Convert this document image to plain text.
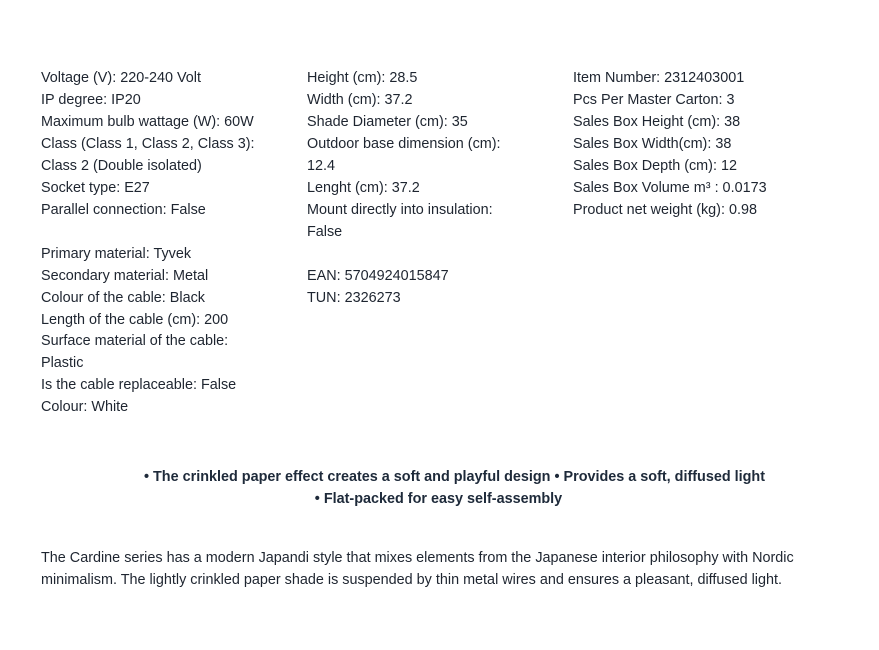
Voltage (V): 220-240 Volt
IP degree: IP20
Maximum bulb wattage (W): 60W
Class (Class 1, Class 2, Class 3):
Class 2 (Double isolated)
Socket type: E27
Parallel connection: False
Primary material: Tyvek
Secondary material: Metal
Colour of the cable: Black
Length of the cable (cm): 200
Surface material of the cable:
Plastic
Is the cable replaceable: False
Colour: White
Height (cm): 28.5
Width (cm): 37.2
Shade Diameter (cm): 35
Outdoor base dimension (cm):
12.4
Lenght (cm): 37.2
Mount directly into insulation:
False
EAN: 5704924015847
TUN: 2326273
Item Number: 2312403001
Pcs Per Master Carton: 3
Sales Box Height (cm): 38
Sales Box Width(cm): 38
Sales Box Depth (cm): 12
Sales Box Volume m³ : 0.0173
Product net weight (kg): 0.98
• The crinkled paper effect creates a soft and playful design • Provides a soft, diffused light
• Flat-packed for easy self-assembly
The Cardine series has a modern Japandi style that mixes elements from the Japanese interior philosophy with Nordic
minimalism. The lightly crinkled paper shade is suspended by thin metal wires and ensures a pleasant, diffused light.
